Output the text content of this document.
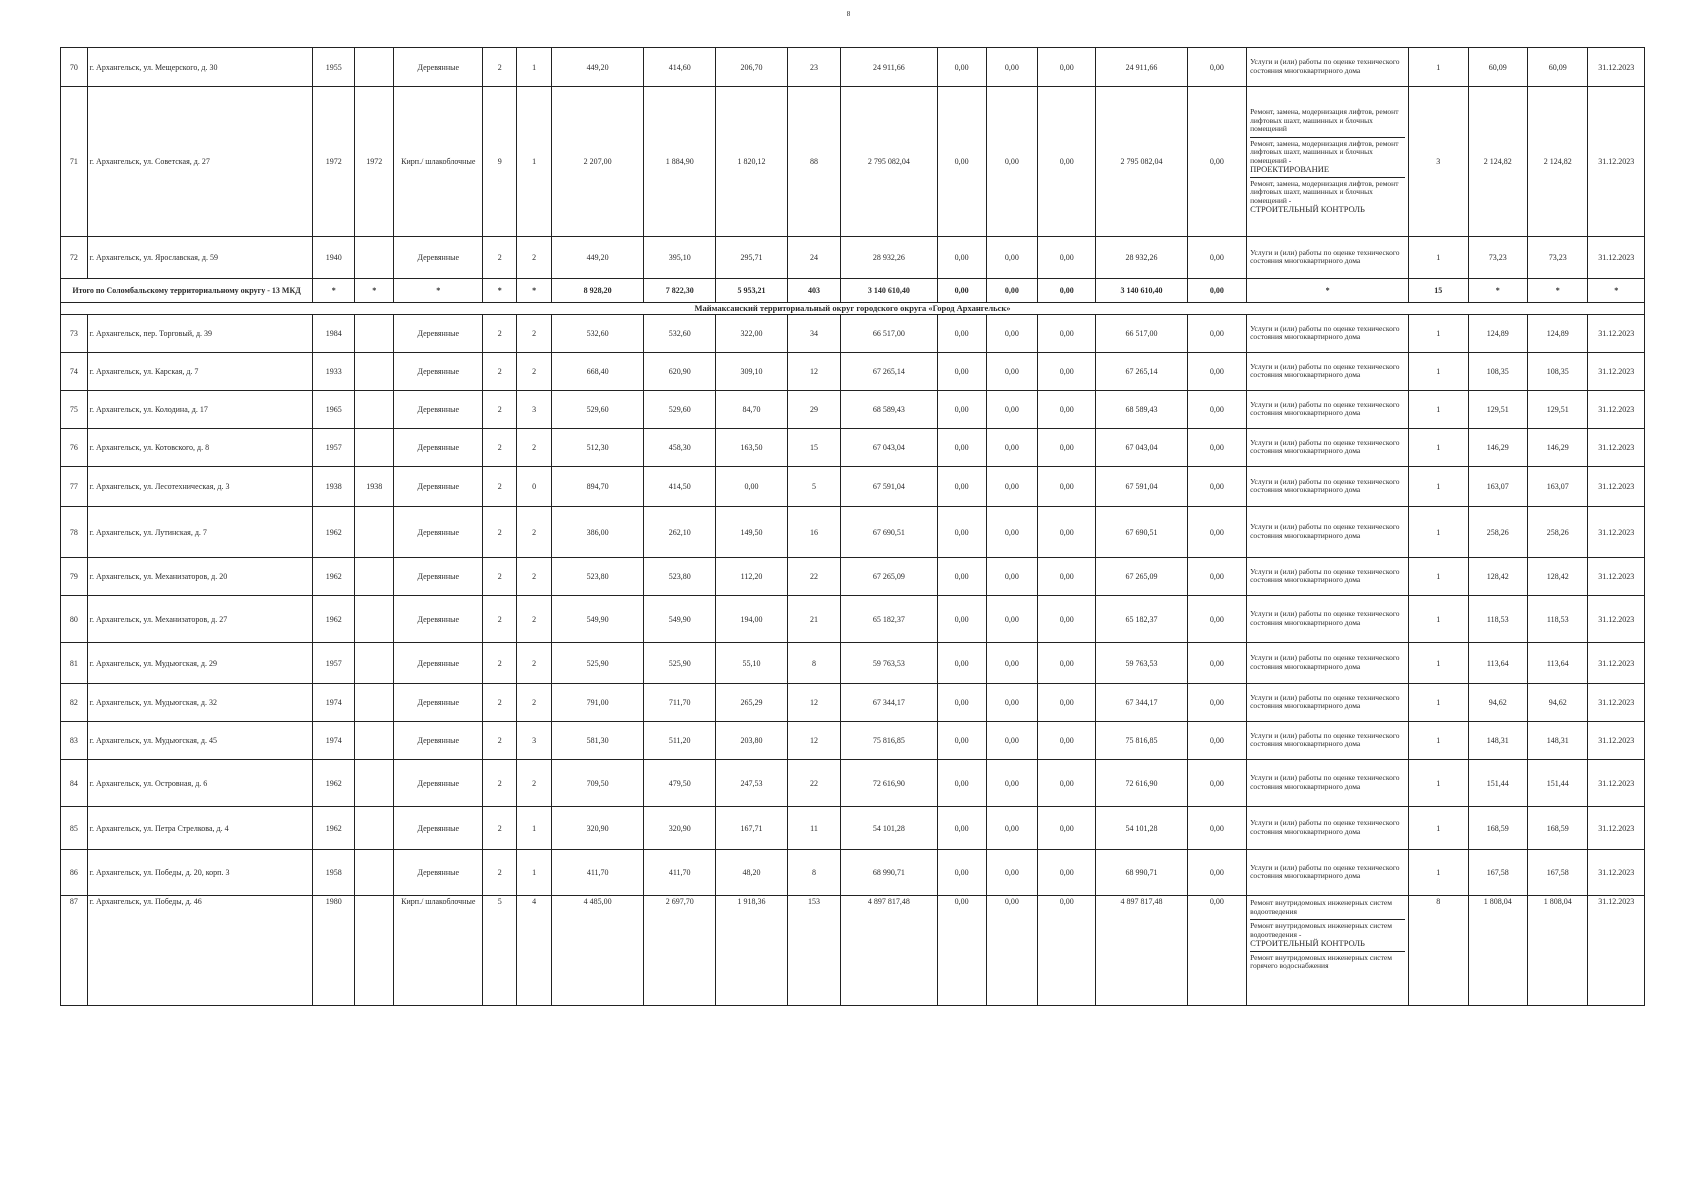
8
70	г. Архангельск, ул. Мещерского, д. 30	1955		Деревянные	2	1	449,20	414,60	206,70	23	24 911,66	0,00	0,00	0,00	24 911,66	0,00	Услуги и (или) работы по оценке технического состояния многоквартирного дома	1	60,09	60,09	31.12.2023
71	г. Архангельск, ул. Советская, д. 27	1972	1972	Кирп./ шлакоблочные	9	1	2 207,00	1 884,90	1 820,12	88	2 795 082,04	0,00	0,00	0,00	2 795 082,04	0,00	Ремонт, замена, модернизация лифтов, ремонт лифтовых шахт, машинных и блочных помещений
Ремонт, замена, модернизация лифтов, ремонт лифтовых шахт, машинных и блочных помещений -
ПРОЕКТИРОВАНИЕ
Ремонт, замена, модернизация лифтов, ремонт лифтовых шахт, машинных и блочных помещений -
СТРОИТЕЛЬНЫЙ КОНТРОЛЬ	3	2 124,82	2 124,82	31.12.2023
72	г. Архангельск, ул. Ярославская, д. 59	1940		Деревянные	2	2	449,20	395,10	295,71	24	28 932,26	0,00	0,00	0,00	28 932,26	0,00	Услуги и (или) работы по оценке технического состояния многоквартирного дома	1	73,23	73,23	31.12.2023
Итого по Соломбальскому территориальному округу - 13 МКД		*	*	*	*	*	8 928,20	7 822,30	5 953,21	403	3 140 610,40	0,00	0,00	0,00	3 140 610,40	0,00	*	15	*	*	*
Маймаксанский территориальный округ городского округа «Город Архангельск»																					
73	г. Архангельск, пер. Торговый, д. 39	1984		Деревянные	2	2	532,60	532,60	322,00	34	66 517,00	0,00	0,00	0,00	66 517,00	0,00	Услуги и (или) работы по оценке технического состояния многоквартирного дома	1	124,89	124,89	31.12.2023
74	г. Архангельск, ул. Карская, д. 7	1933		Деревянные	2	2	668,40	620,90	309,10	12	67 265,14	0,00	0,00	0,00	67 265,14	0,00	Услуги и (или) работы по оценке технического состояния многоквартирного дома	1	108,35	108,35	31.12.2023
75	г. Архангельск, ул. Колодина, д. 17	1965		Деревянные	2	3	529,60	529,60	84,70	29	68 589,43	0,00	0,00	0,00	68 589,43	0,00	Услуги и (или) работы по оценке технического состояния многоквартирного дома	1	129,51	129,51	31.12.2023
76	г. Архангельск, ул. Котовского, д. 8	1957		Деревянные	2	2	512,30	458,30	163,50	15	67 043,04	0,00	0,00	0,00	67 043,04	0,00	Услуги и (или) работы по оценке технического состояния многоквартирного дома	1	146,29	146,29	31.12.2023
77	г. Архангельск, ул. Лесотехническая, д. 3	1938	1938	Деревянные	2	0	894,70	414,50	0,00	5	67 591,04	0,00	0,00	0,00	67 591,04	0,00	Услуги и (или) работы по оценке технического состояния многоквартирного дома	1	163,07	163,07	31.12.2023
78	г. Архангельск, ул. Лутинская, д. 7	1962		Деревянные	2	2	386,00	262,10	149,50	16	67 690,51	0,00	0,00	0,00	67 690,51	0,00	Услуги и (или) работы по оценке технического состояния многоквартирного дома	1	258,26	258,26	31.12.2023
79	г. Архангельск, ул. Механизаторов, д. 20	1962		Деревянные	2	2	523,80	523,80	112,20	22	67 265,09	0,00	0,00	0,00	67 265,09	0,00	Услуги и (или) работы по оценке технического состояния многоквартирного дома	1	128,42	128,42	31.12.2023
80	г. Архангельск, ул. Механизаторов, д. 27	1962		Деревянные	2	2	549,90	549,90	194,00	21	65 182,37	0,00	0,00	0,00	65 182,37	0,00	Услуги и (или) работы по оценке технического состояния многоквартирного дома	1	118,53	118,53	31.12.2023
81	г. Архангельск, ул. Мудьюгская, д. 29	1957		Деревянные	2	2	525,90	525,90	55,10	8	59 763,53	0,00	0,00	0,00	59 763,53	0,00	Услуги и (или) работы по оценке технического состояния многоквартирного дома	1	113,64	113,64	31.12.2023
82	г. Архангельск, ул. Мудьюгская, д. 32	1974		Деревянные	2	2	791,00	711,70	265,29	12	67 344,17	0,00	0,00	0,00	67 344,17	0,00	Услуги и (или) работы по оценке технического состояния многоквартирного дома	1	94,62	94,62	31.12.2023
83	г. Архангельск, ул. Мудьюгская, д. 45	1974		Деревянные	2	3	581,30	511,20	203,80	12	75 816,85	0,00	0,00	0,00	75 816,85	0,00	Услуги и (или) работы по оценке технического состояния многоквартирного дома	1	148,31	148,31	31.12.2023
84	г. Архангельск, ул. Островная, д. 6	1962		Деревянные	2	2	709,50	479,50	247,53	22	72 616,90	0,00	0,00	0,00	72 616,90	0,00	Услуги и (или) работы по оценке технического состояния многоквартирного дома	1	151,44	151,44	31.12.2023
85	г. Архангельск, ул. Петра Стрелкова, д. 4	1962		Деревянные	2	1	320,90	320,90	167,71	11	54 101,28	0,00	0,00	0,00	54 101,28	0,00	Услуги и (или) работы по оценке технического состояния многоквартирного дома	1	168,59	168,59	31.12.2023
86	г. Архангельск, ул. Победы, д. 20, корп. 3	1958		Деревянные	2	1	411,70	411,70	48,20	8	68 990,71	0,00	0,00	0,00	68 990,71	0,00	Услуги и (или) работы по оценке технического состояния многоквартирного дома	1	167,58	167,58	31.12.2023
87	г. Архангельск, ул. Победы, д. 46	1980		Кирп./ шлакоблочные	5	4	4 485,00	2 697,70	1 918,36	153	4 897 817,48	0,00	0,00	0,00	4 897 817,48	0,00	Ремонт внутридомовых инженерных систем водоотведения
Ремонт внутридомовых инженерных систем водоотведения -
СТРОИТЕЛЬНЫЙ КОНТРОЛЬ
Ремонт внутридомовых инженерных систем горячего водоснабжения	8	1 808,04	1 808,04	31.12.2023
